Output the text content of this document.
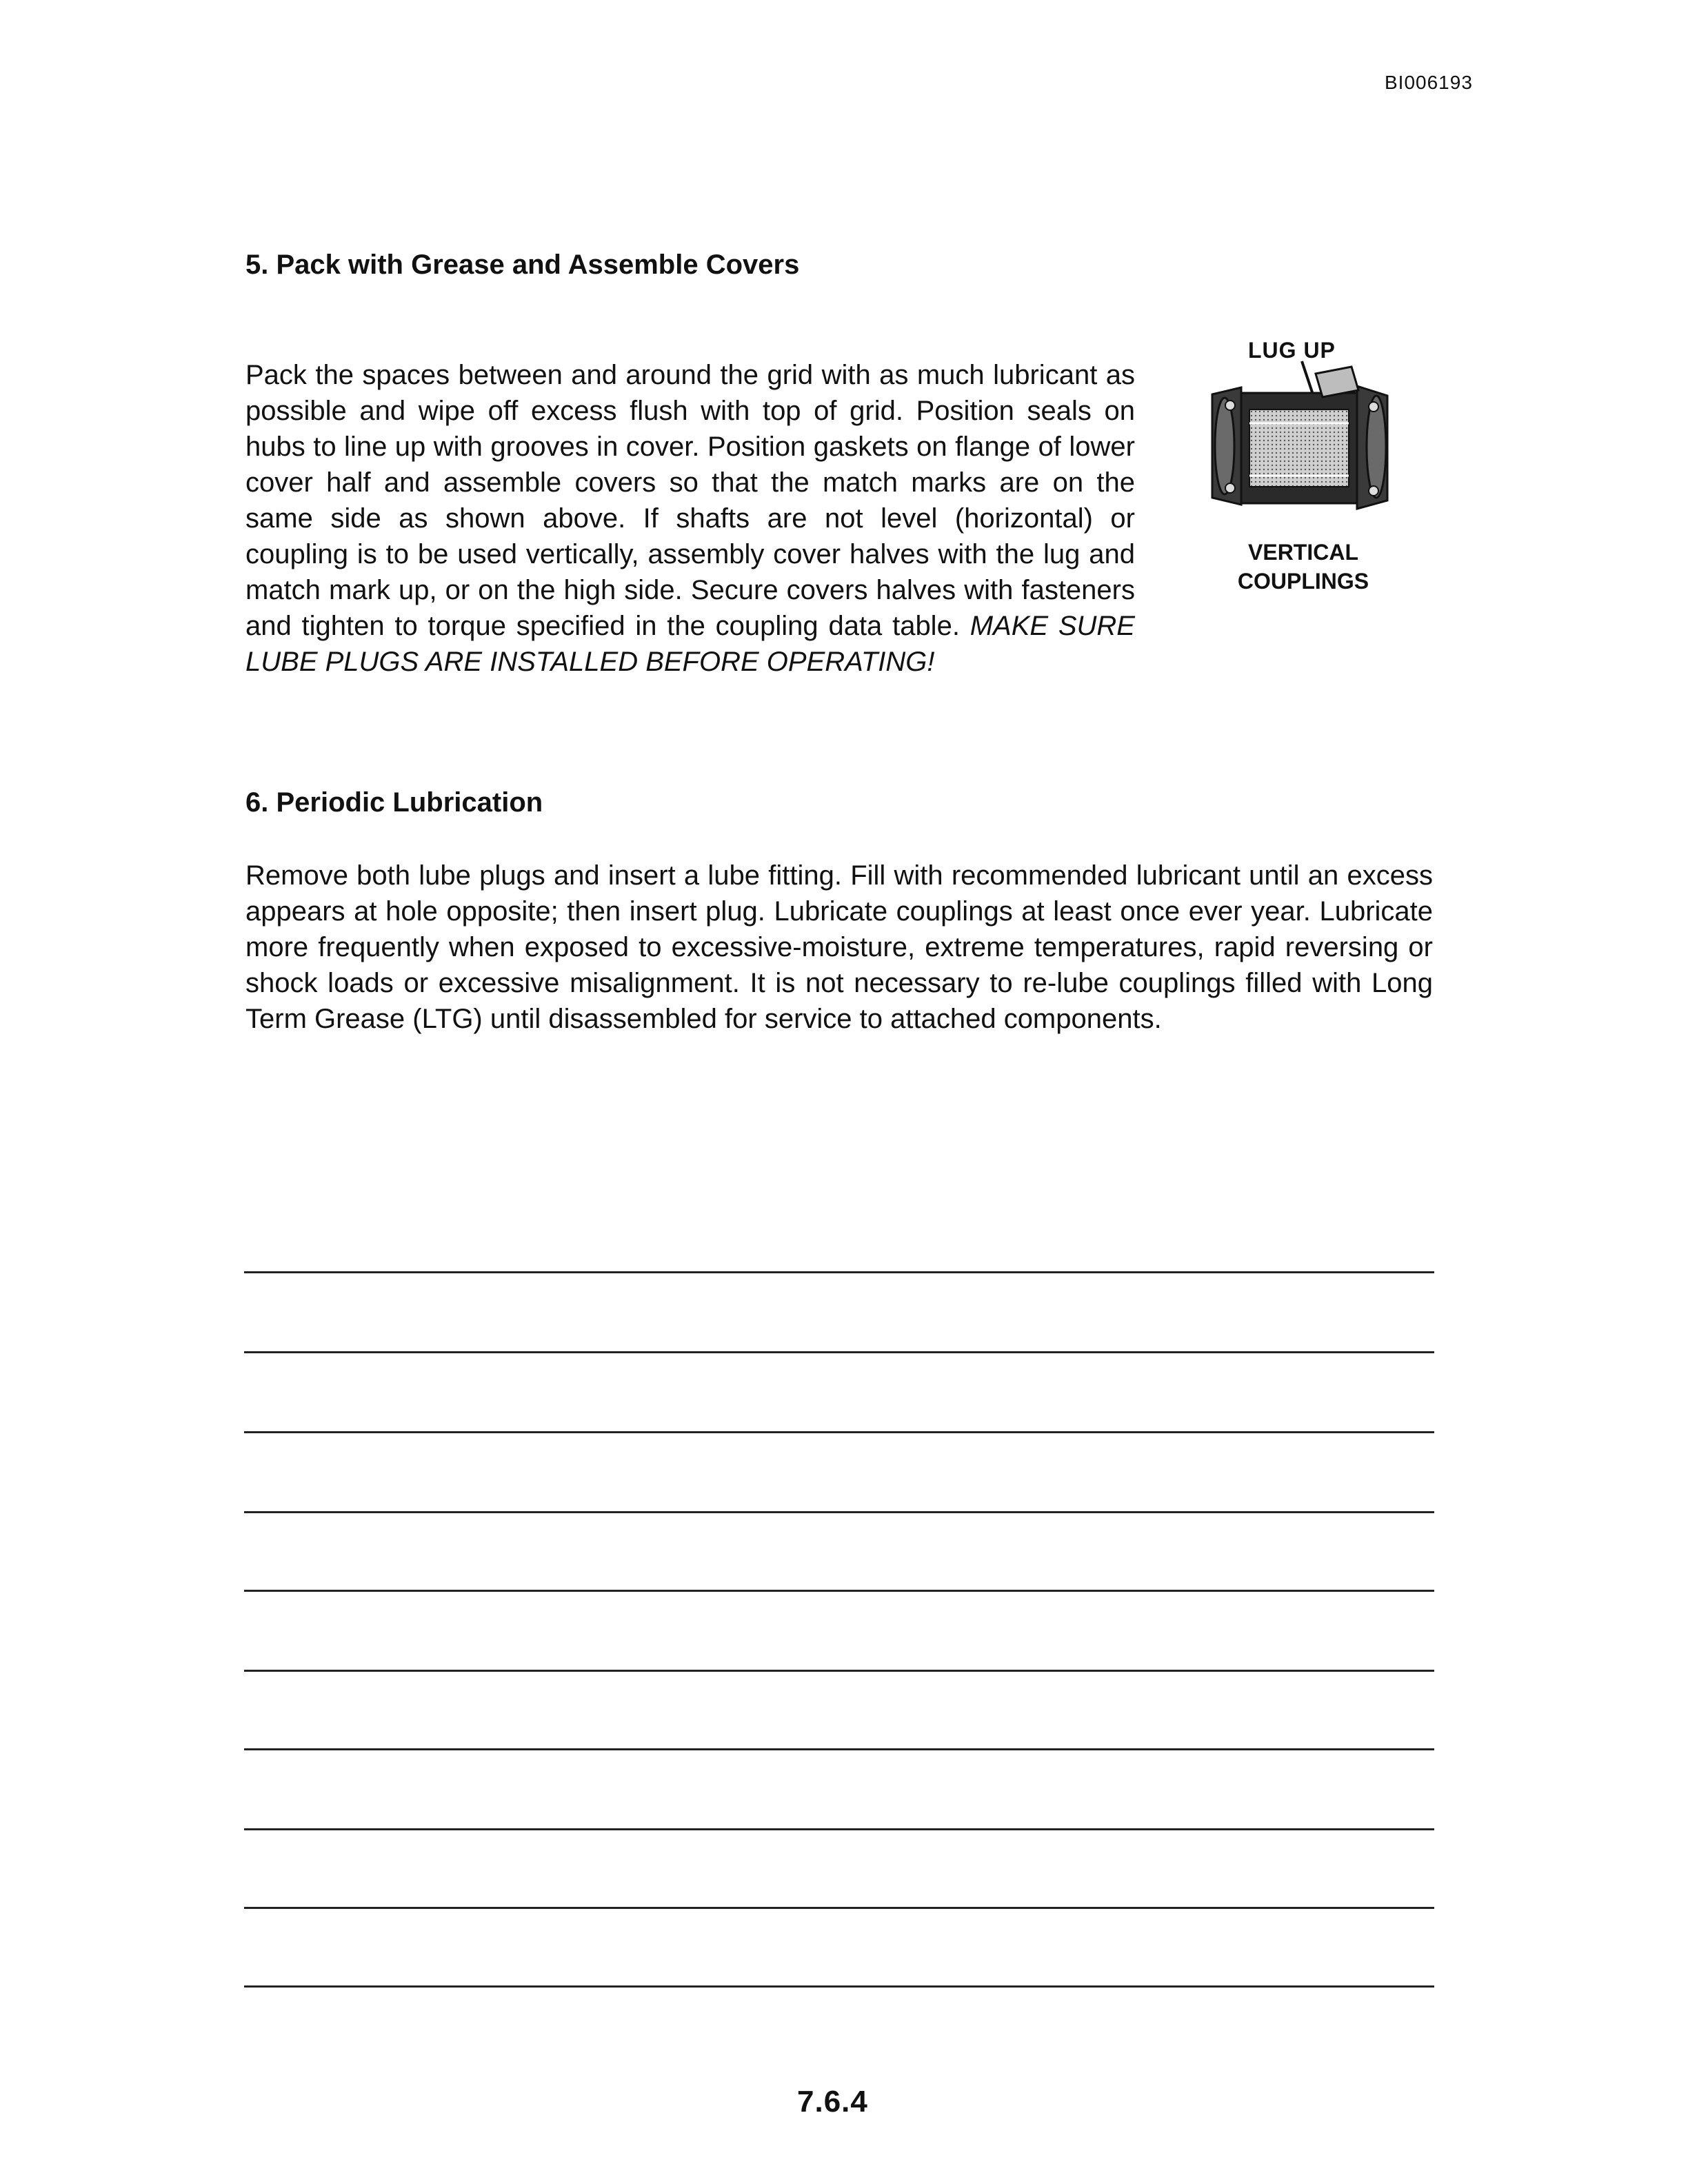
BI006193
5. Pack with Grease and Assemble Covers

Pack the spaces between and around the grid with as much lubricant as possible and wipe off excess flush with top of grid. Position seals on hubs to line up with grooves in cover. Position gaskets on flange of lower cover half and assemble covers so that the match marks are on the same side as shown above. If shafts are not level (horizontal) or coupling is to be used vertically, assembly cover halves with the lug and match mark up, or on the high side. Secure covers halves with fasteners and tighten to torque specified in the coupling data table. MAKE SURE LUBE PLUGS ARE INSTALLED BEFORE OPERATING!

LUG UP
VERTICAL
COUPLINGS
6. Periodic Lubrication

Remove both lube plugs and insert a lube fitting. Fill with recommended lubricant until an excess appears at hole opposite; then insert plug. Lubricate couplings at least once ever year. Lubricate more frequently when exposed to excessive-moisture, extreme temperatures, rapid reversing or shock loads or excessive misalignment. It is not necessary to re-lube couplings filled with Long Term Grease (LTG) until disassembled for service to attached components.

7.6.4
